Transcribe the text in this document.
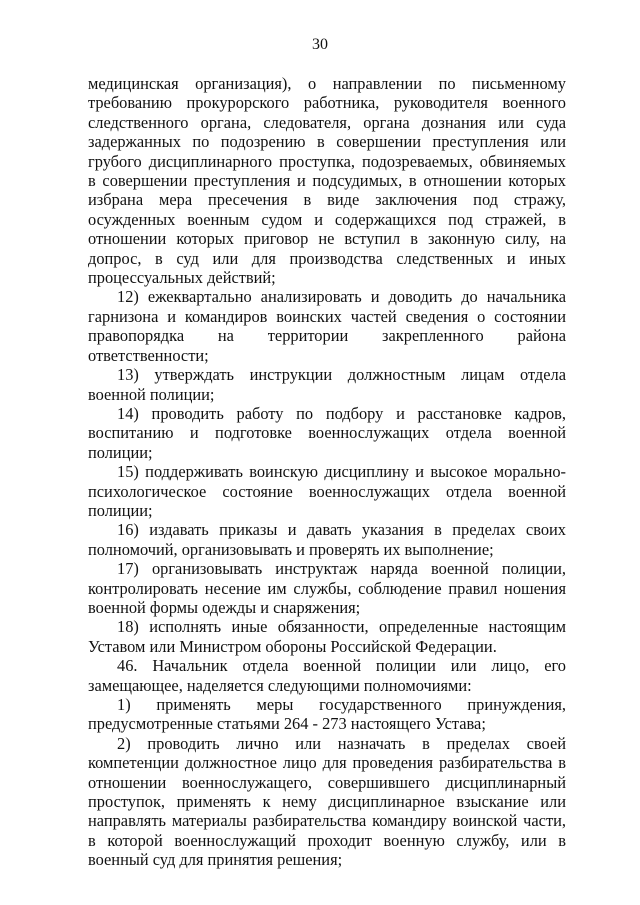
30

медицинская организация), о направлении по письменному требованию прокурорского работника, руководителя военного следственного органа, следователя, органа дознания или суда задержанных по подозрению в совершении преступления или грубого дисциплинарного проступка, подозреваемых, обвиняемых в совершении преступления и подсудимых, в отношении которых избрана мера пресечения в виде заключения под стражу, осужденных военным судом и содержащихся под стражей, в отношении которых приговор не вступил в законную силу, на допрос, в суд или для производства следственных и иных процессуальных действий;

12) ежеквартально анализировать и доводить до начальника гарнизона и командиров воинских частей сведения о состоянии правопорядка на территории закрепленного района ответственности;

13) утверждать инструкции должностным лицам отдела военной полиции;

14) проводить работу по подбору и расстановке кадров, воспитанию и подготовке военнослужащих отдела военной полиции;

15) поддерживать воинскую дисциплину и высокое морально-психологическое состояние военнослужащих отдела военной полиции;

16) издавать приказы и давать указания в пределах своих полномочий, организовывать и проверять их выполнение;

17) организовывать инструктаж наряда военной полиции, контролировать несение им службы, соблюдение правил ношения военной формы одежды и снаряжения;

18) исполнять иные обязанности, определенные настоящим Уставом или Министром обороны Российской Федерации.

46. Начальник отдела военной полиции или лицо, его замещающее, наделяется следующими полномочиями:

1) применять меры государственного принуждения, предусмотренные статьями 264 - 273 настоящего Устава;

2) проводить лично или назначать в пределах своей компетенции должностное лицо для проведения разбирательства в отношении военнослужащего, совершившего дисциплинарный проступок, применять к нему дисциплинарное взыскание или направлять материалы разбирательства командиру воинской части, в которой военнослужащий проходит военную службу, или в военный суд для принятия решения;
